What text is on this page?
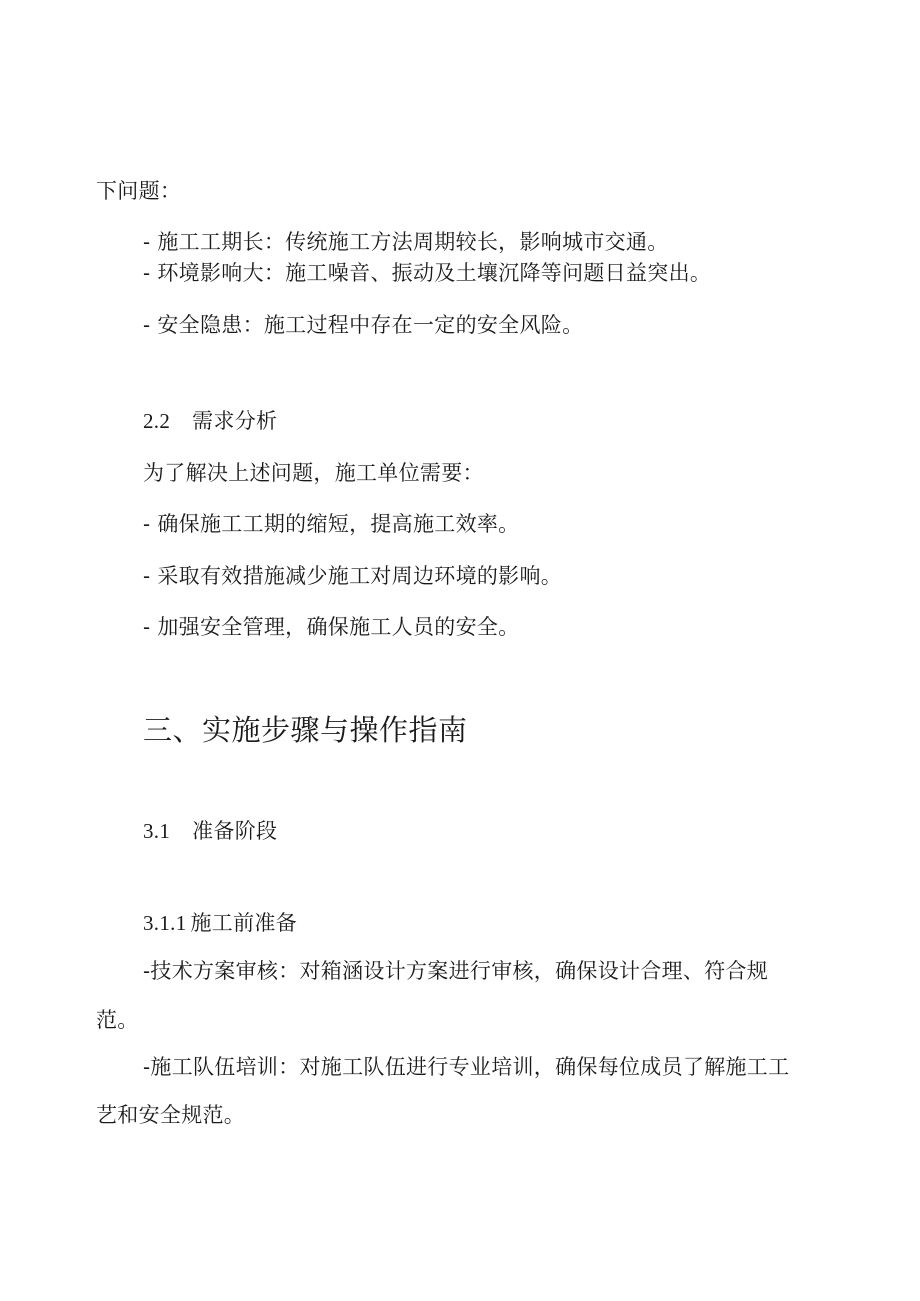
下问题：
- 施工工期长：传统施工方法周期较长，影响城市交通。
- 环境影响大：施工噪音、振动及土壤沉降等问题日益突出。
- 安全隐患：施工过程中存在一定的安全风险。
2.2 需求分析
为了解决上述问题，施工单位需要：
- 确保施工工期的缩短，提高施工效率。
- 采取有效措施减少施工对周边环境的影响。
- 加强安全管理，确保施工人员的安全。
三、实施步骤与操作指南
3.1 准备阶段
3.1.1 施工前准备
-技术方案审核：对箱涵设计方案进行审核，确保设计合理、符合规
范。
-施工队伍培训：对施工队伍进行专业培训，确保每位成员了解施工工
艺和安全规范。
